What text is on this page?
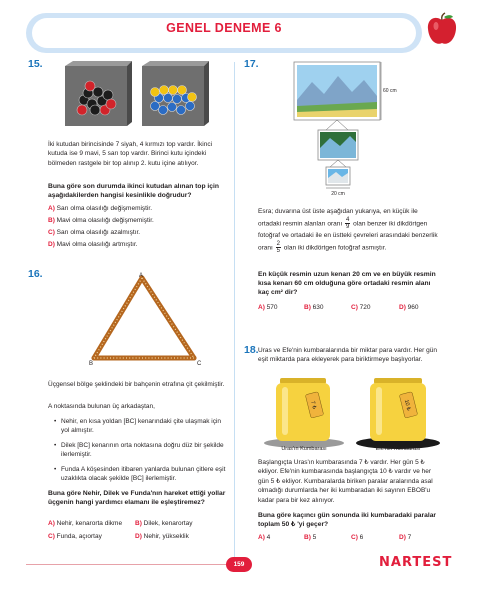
GENEL DENEME 6
15.
İki kutudan birincisinde 7 siyah, 4 kırmızı top vardır. İkinci kutuda ise 9 mavi, 5 sarı top vardır. Birinci kutu içindeki bölmeden rastgele bir top alınıp 2. kutu içine atılıyor.
Buna göre son durumda ikinci kutudan alınan top için aşağıdakilerden hangisi kesinlikle doğrudur?
A) Sarı olma olasılığı değişmemiştir.
B) Mavi olma olasılığı değişmemiştir.
C) Sarı olma olasılığı azalmıştır.
D) Mavi olma olasılığı artmıştır.
16.	A
B	C
Üçgensel bölge şeklindeki bir bahçenin etrafına çit çekilmiştir.
A noktasında bulunan üç arkadaştan,
• Nehir, en kısa yoldan [BC] kenarındaki çite ulaşmak için yol almıştır.
• Dilek [BC] kenarının orta noktasına doğru düz bir şekilde ilerlemiştir.
• Funda A köşesinden itibaren yanlarda bulunan çitlere eşit uzaklıkta olacak şekilde [BC] ilerlemiştir.
Buna göre Nehir, Dilek ve Funda'nın hareket ettiği yollar üçgenin hangi yardımcı elamanı ile eşleştiremez?
A) Nehir, kenarorta dikme B) Dilek, kenarortay
C) Funda, açıortay	D) Nehir, yükseklik
17.
60 cm
20 cm
Esra; duvarına üst üste aşağıdan yukarıya, en küçük ile ortadaki resmin alanları oranı $\frac{4}{9}$ olan benzer iki dikdörtgen fotoğraf ve ortadaki ile en üstteki çevreleri arasındaki benzerlik oranı $\frac{2}{5}$ olan iki dikdörtgen fotoğraf asmıştır.
En küçük resmin uzun kenarı 20 cm ve en büyük resmin kısa kenarı 60 cm olduğuna göre ortadaki resmin alanı kaç cm² dir?
A) 570	B) 630	C) 720	D) 960
18. Uras ve Efe'nin kumbaralarında bir miktar para vardır. Her gün eşit miktarda para ekleyerek para biriktirmeye başlıyorlar.
7 ₺	10 ₺
Uras'ın Kumbarası	Efe'nin Kumbarası
Başlangıçta Uras'ın kumbarasında 7 ₺ vardır. Her gün 5 ₺ ekliyor. Efe'nin kumbarasında başlangıçta 10 ₺ vardır ve her gün 5 ₺ ekliyor. Kumbaralarda biriken paralar aralarında asal olmadığı durumlarda her iki kumbaradan iki sayının EBOB'u kadar para bir kez alınıyor.
Buna göre kaçıncı gün sonunda iki kumbaradaki paralar toplam 50 ₺ 'yi geçer?
A) 4	B) 5	C) 6	D) 7
159	NARTEST
